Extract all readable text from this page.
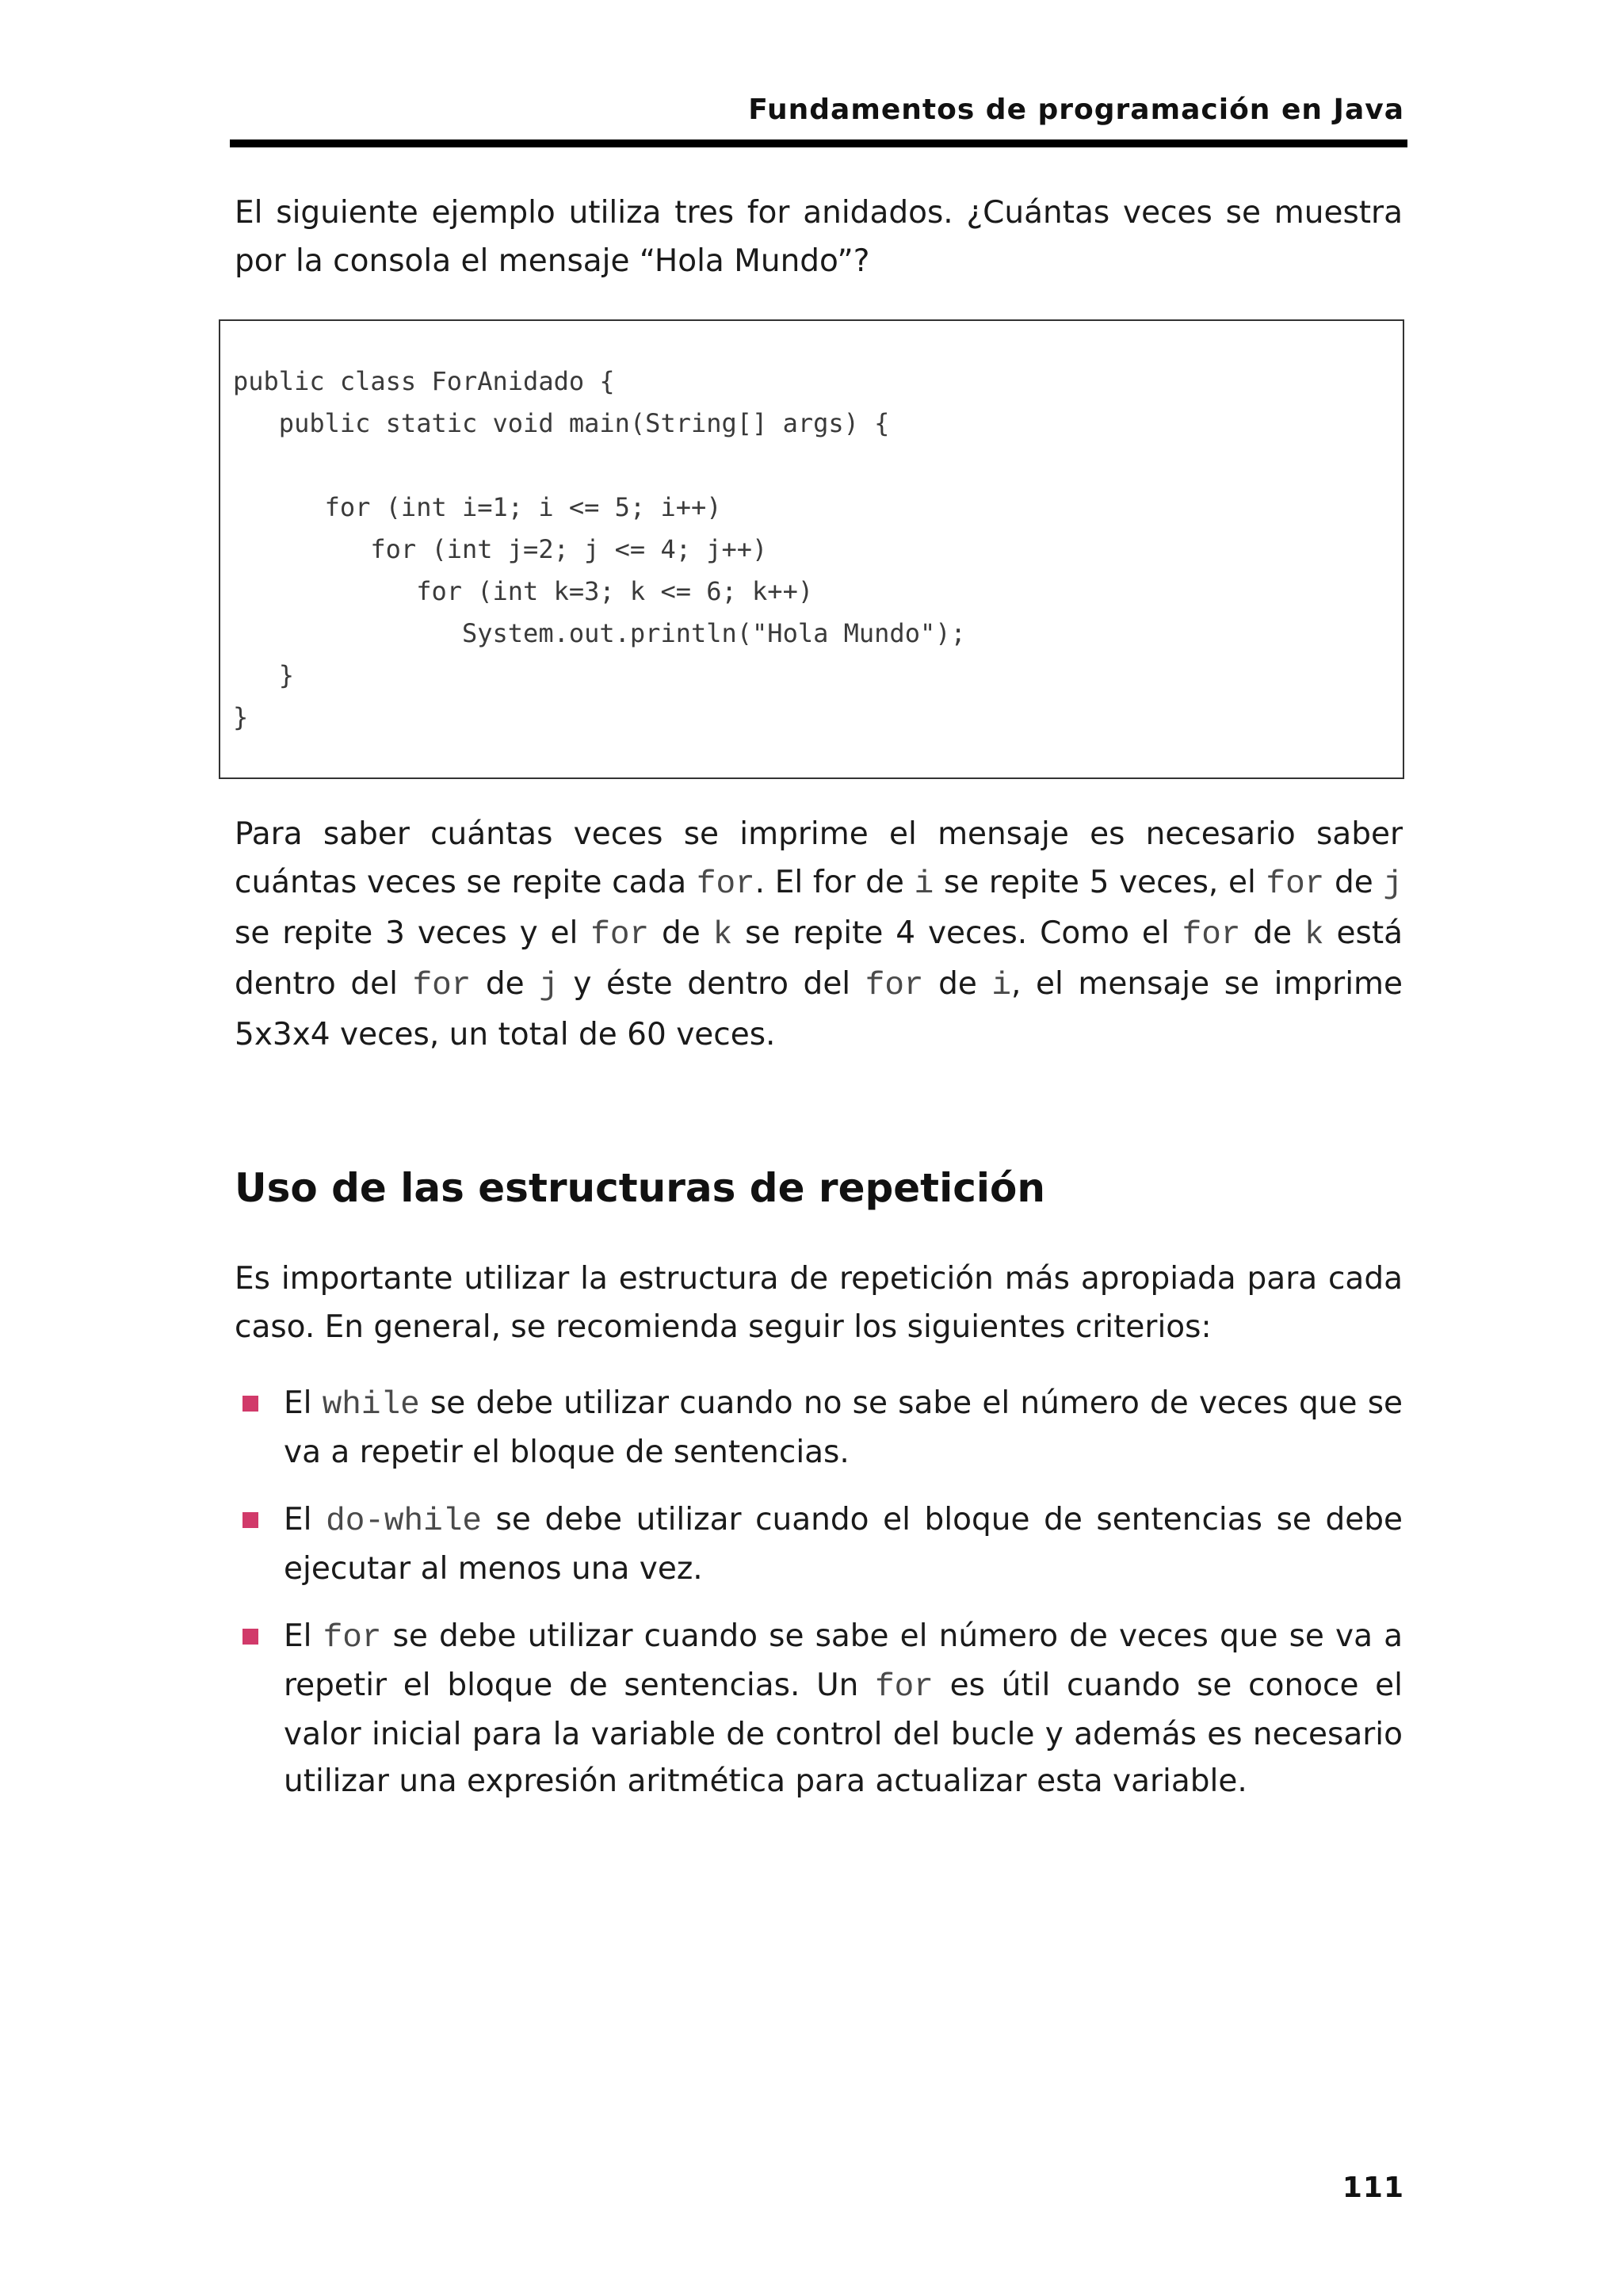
Fundamentos de programación en Java

El siguiente ejemplo utiliza tres for anidados. ¿Cuántas veces se muestra por la consola el mensaje “Hola Mundo”?

public class ForAnidado {
public static void main(String[] args) {
for (int i=1; i <= 5; i++)
for (int j=2; j <= 4; j++)
for (int k=3; k <= 6; k++)
System.out.println("Hola Mundo");
}
}

Para saber cuántas veces se imprime el mensaje es necesario saber cuántas veces se repite cada for. El for de i se repite 5 veces, el for de j se repite 3 veces y el for de k se repite 4 veces. Como el for de k está dentro del for de j y éste dentro del for de i, el mensaje se imprime 5x3x4 veces, un total de 60 veces.

Uso de las estructuras de repetición

Es importante utilizar la estructura de repetición más apropiada para cada caso. En general, se recomienda seguir los siguientes criterios:

El while se debe utilizar cuando no se sabe el número de veces que se va a repetir el bloque de sentencias.
El do-while se debe utilizar cuando el bloque de sentencias se debe ejecutar al menos una vez.
El for se debe utilizar cuando se sabe el número de veces que se va a repetir el bloque de sentencias. Un for es útil cuando se conoce el valor inicial para la variable de control del bucle y además es necesario utilizar una expresión aritmética para actualizar esta variable.
111
